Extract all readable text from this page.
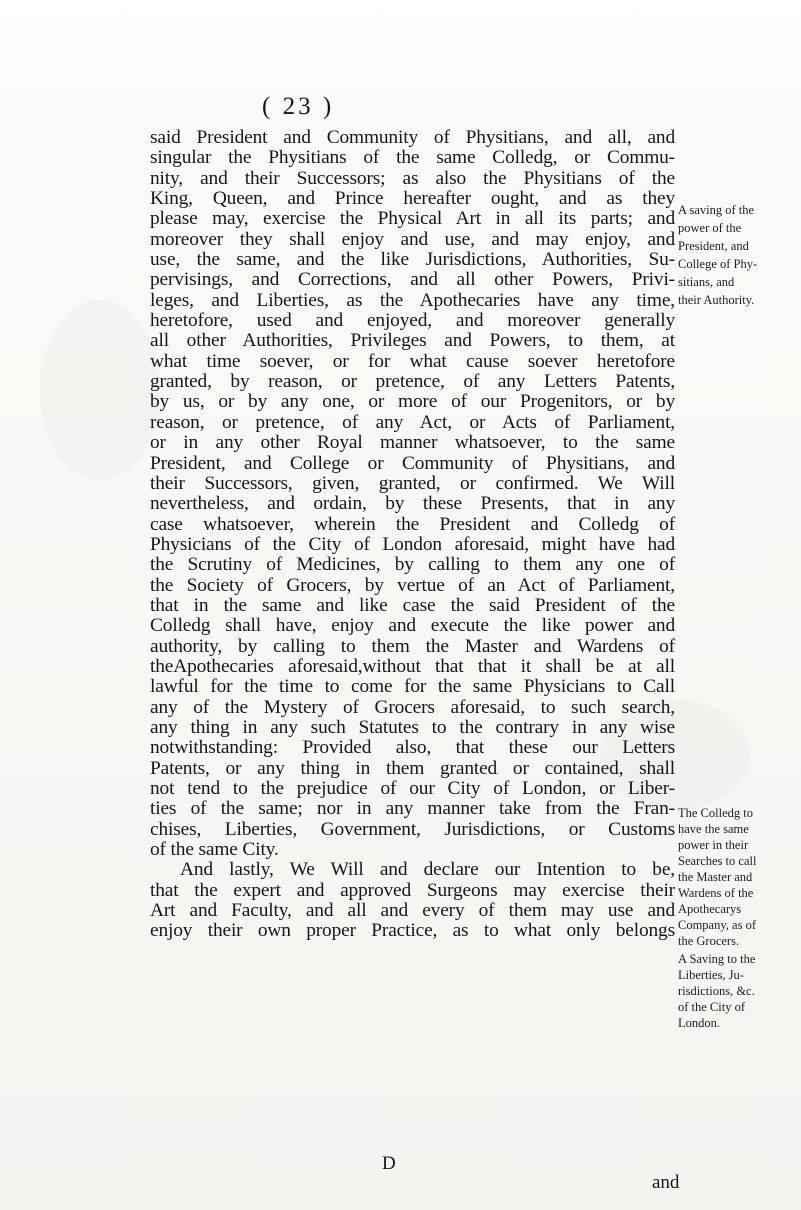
( 23 )
said President and Community of Physitians, and all, and
singular the Physitians of the same Colledg, or Commu-
nity, and their Successors; as also the Physitians of the
King, Queen, and Prince hereafter ought, and as they
please may, exercise the Physical Art in all its parts; and
moreover they shall enjoy and use, and may enjoy, and
use, the same, and the like Jurisdictions, Authorities, Su-
pervisings, and Corrections, and all other Powers, Privi-
leges, and Liberties, as the Apothecaries have any time,
heretofore, used and enjoyed, and moreover generally
all other Authorities, Privileges and Powers, to them, at
what time soever, or for what cause soever heretofore
granted, by reason, or pretence, of any Letters Patents,
by us, or by any one, or more of our Progenitors, or by
reason, or pretence, of any Act, or Acts of Parliament,
or in any other Royal manner whatsoever, to the same
President, and College or Community of Physitians, and
their Successors, given, granted, or confirmed. We Will
nevertheless, and ordain, by these Presents, that in any
case whatsoever, wherein the President and Colledg of
Physicians of the City of London aforesaid, might have had
the Scrutiny of Medicines, by calling to them any one of
the Society of Grocers, by vertue of an Act of Parliament,
that in the same and like case the said President of the
Colledg shall have, enjoy and execute the like power and
authority, by calling to them the Master and Wardens of
theApothecaries aforesaid,without that that it shall be at all
lawful for the time to come for the same Physicians to Call
any of the Mystery of Grocers aforesaid, to such search,
any thing in any such Statutes to the contrary in any wise
notwithstanding: Provided also, that these our Letters
Patents, or any thing in them granted or contained, shall
not tend to the prejudice of our City of London, or Liber-
ties of the same; nor in any manner take from the Fran-
chises, Liberties, Government, Jurisdictions, or Customs
of the same City.
And lastly, We Will and declare our Intention to be,
that the expert and approved Surgeons may exercise their
Art and Faculty, and all and every of them may use and
enjoy their own proper Practice, as to what only belongs
A saving of the
power of the
President, and
College of Phy-
sitians, and
their Authority.
The Colledg to
have the same
power in their
Searches to call
the Master and
Wardens of the
Apothecarys
Company, as of
the Grocers.
A Saving to the
Liberties, Ju-
risdictions, &c.
of the City of
London.
D
and
